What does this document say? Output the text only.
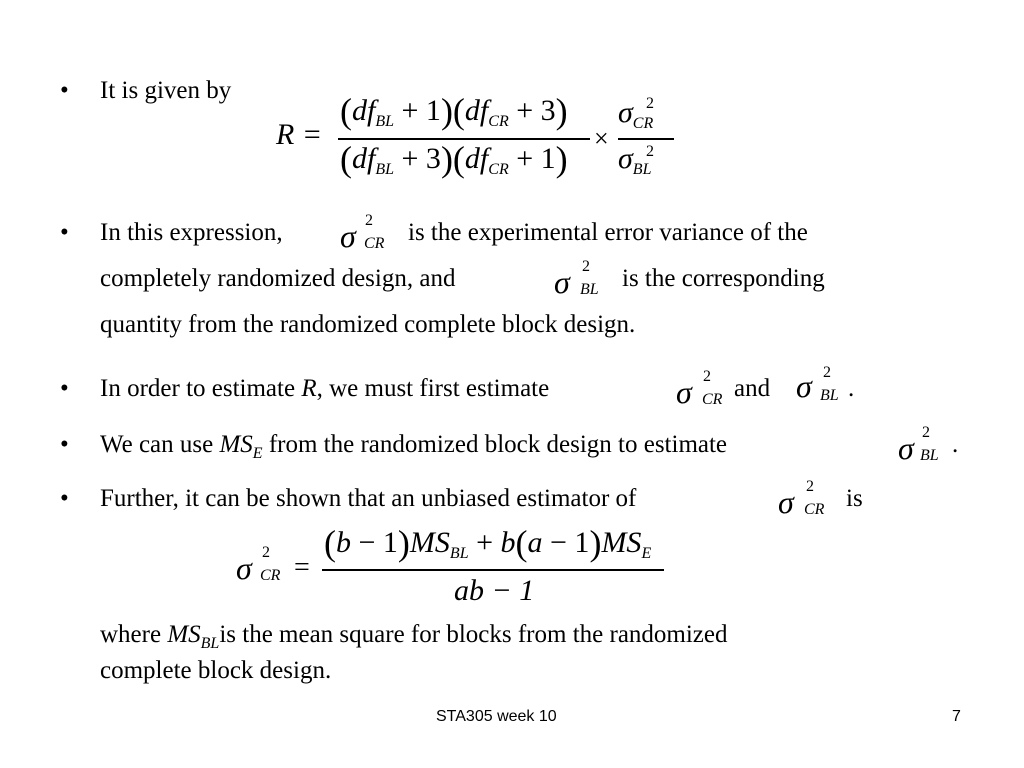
• It is given by
R =
$(df_{BL} + 1)(df_{CR} + 3)$
$(df_{BL} + 3)(df_{CR} + 1)$
×
$\sigma_{CR}$
2
$\sigma_{BL}$
2
• In this expression, σ 2
CR is the experimental error variance of the
completely randomized design, and	σ 2
BL is the corresponding
quantity from the randomized complete block design.
• In order to estimate R, we must first estimate	σ 2
CR and σ 2
BL .
• We can use $MS_E$ from the randomized block design to estimate	σ 2
BL .
• Further, it can be shown that an unbiased estimator of	σ 2
CR is
σ 2
CR =
$(b - 1)MS_{BL} + b(a - 1)MS_E$
ab − 1
where $MS_{BL}is$ the mean square for blocks from the randomized
complete block design.
STA305 week 10	7
